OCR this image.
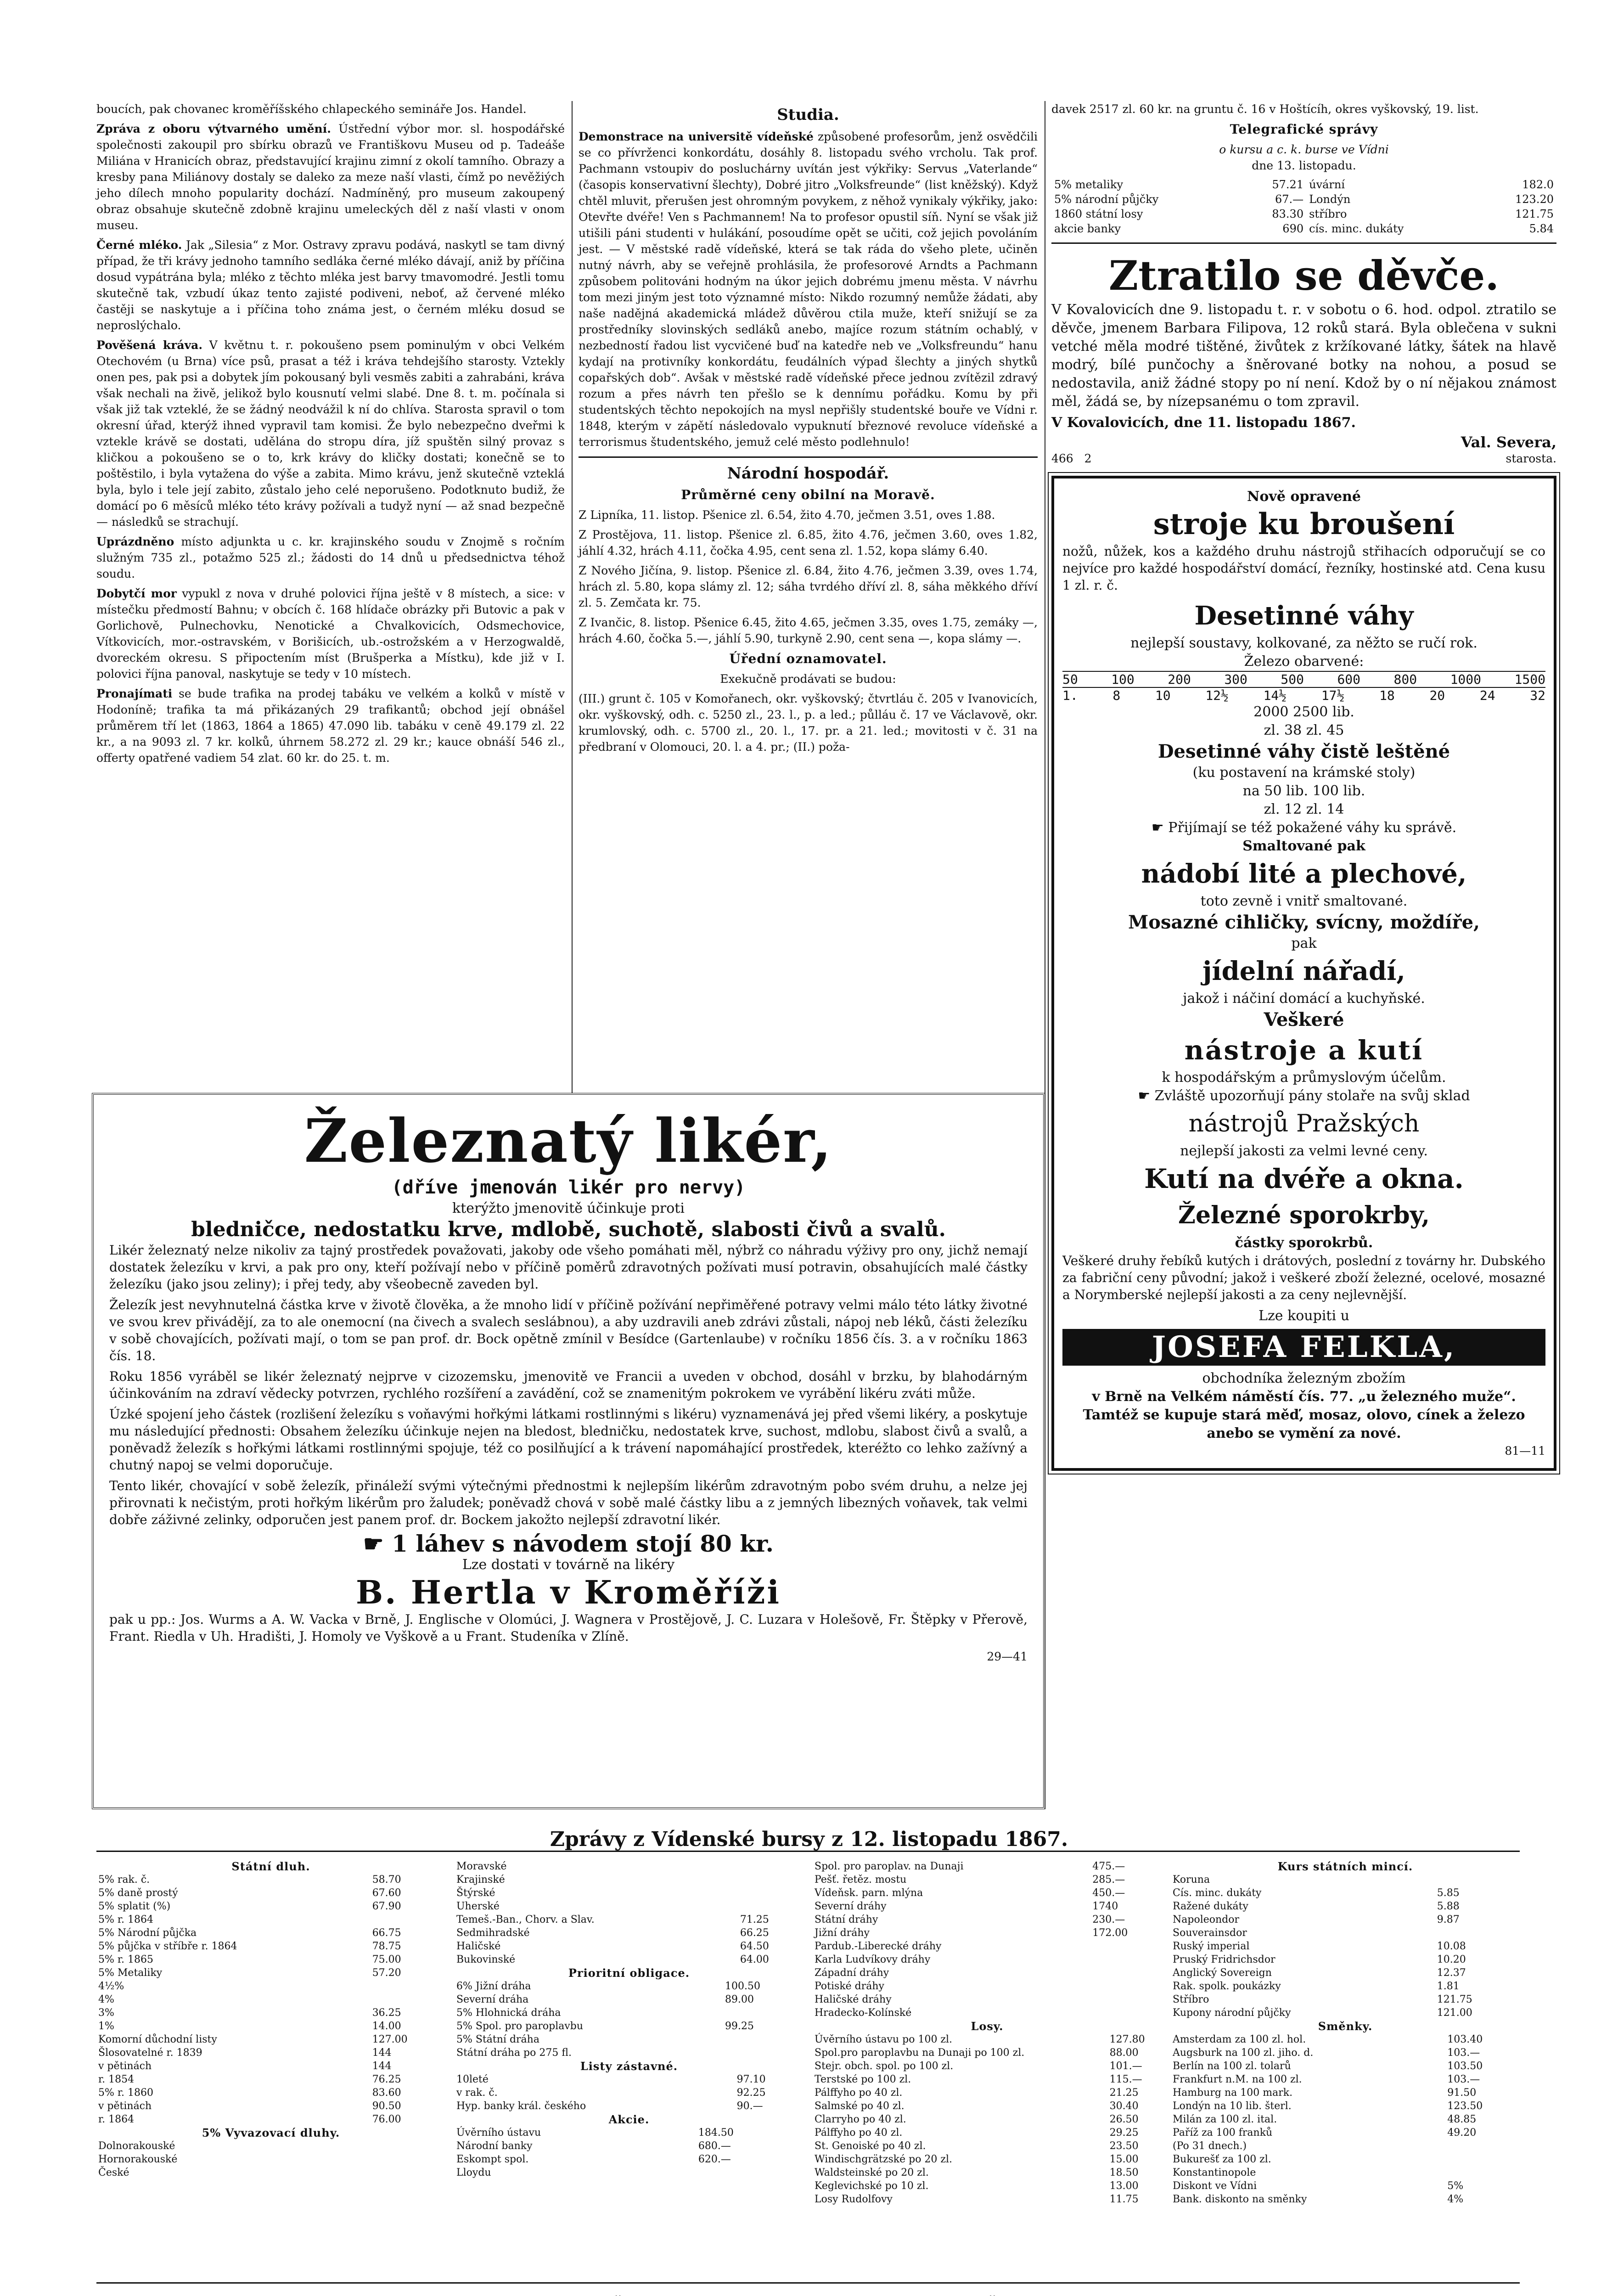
boucích, pak chovanec kroměříšského chlapeckého semináře Jos. Handel.

Zpráva z oboru výtvarného umění. Ústřední výbor mor. sl. hospodářské společnosti zakoupil pro sbírku obrazů ve Františkovu Museu od p. Tadeáše Miliána v Hranicích obraz, představující krajinu zimní z okolí tamního. Obrazy a kresby pana Miliánovy dostaly se daleko za meze naší vlasti, čímž po nevěžiých jeho dílech mnoho popularity dochází. Nadmíněný, pro museum zakoupený obraz obsahuje skutečně zdobně krajinu umeleckých děl z naší vlasti v onom museu.

Černé mléko. Jak „Silesia“ z Mor. Ostravy zpravu podává, naskytl se tam divný případ, že tři krávy jednoho tamního sedláka černé mléko dávají, aniž by příčina dosud vypátrána byla; mléko z těchto mléka jest barvy tmavomodré. Jestli tomu skutečně tak, vzbudí úkaz tento zajisté podiveni, neboť, až červené mléko častěji se naskytuje a i příčina toho známa jest, o černém mléku dosud se neproslýchalo.

Pověšená kráva. V květnu t. r. pokoušeno psem pominulým v obci Velkém Otechovém (u Brna) více psů, prasat a též i kráva tehdejšího starosty. Vztekly onen pes, pak psi a dobytek jím pokousaný byli vesměs zabiti a zahrabáni, kráva však nechali na živě, jelikož bylo kousnutí velmi slabé. Dne 8. t. m. počínala si však již tak vzteklé, že se žádný neodvážil k ní do chlíva. Starosta spravil o tom okresní úřad, kterýž ihned vypravil tam komisi. Že bylo nebezpečno dveřmi k vztekle krávě se dostati, udělána do stropu díra, jíž spuštěn silný provaz s kličkou a pokoušeno se o to, krk krávy do kličky dostati; konečně se to poštěstilo, i byla vytažena do výše a zabita. Mimo krávu, jenž skutečně vzteklá byla, bylo i tele její zabito, zůstalo jeho celé neporušeno. Podotknuto budiž, že domácí po 6 měsíců mléko této krávy požívali a tudyž nyní — až snad bezpečně — následků se strachují.

Uprázdněno místo adjunkta u c. kr. krajinského soudu v Znojmě s ročním služným 735 zl., potažmo 525 zl.; žádosti do 14 dnů u předsednictva téhož soudu.

Dobytčí mor vypukl z nova v druhé polovici října ještě v 8 místech, a sice: v místečku předmostí Bahnu; v obcích č. 168 hlídače obrázky při Butovic a pak v Gorlichově, Pulnechovku, Nenotické a Chvalkovicích, Odsmechovice, Vítkovicích, mor.-ostravském, v Borišicích, ub.-ostrožském a v Herzogwaldě, dvoreckém okresu. S připoctením míst (Brušperka a Místku), kde již v I. polovici října panoval, naskytuje se tedy v 10 místech.

Pronajímati se bude trafika na prodej tabáku ve velkém a kolků v místě v Hodoníně; trafika ta má přikázaných 29 trafikantů; obchod její obnášel průměrem tří let (1863, 1864 a 1865) 47.090 lib. tabáku v ceně 49.179 zl. 22 kr., a na 9093 zl. 7 kr. kolků, úhrnem 58.272 zl. 29 kr.; kauce obnáší 546 zl., offerty opatřené vadiem 54 zlat. 60 kr. do 25. t. m.

Studia.

Demonstrace na universitě vídeňské způsobené profesorům, jenž osvědčili se co přívrženci konkordátu, dosáhly 8. listopadu svého vrcholu. Tak prof. Pachmann vstoupiv do posluchárny uvítán jest výkřiky: Servus „Vaterlande“ (časopis konservativní šlechty), Dobré jitro „Volksfreunde“ (list kněžský). Když chtěl mluvit, přerušen jest ohromným povykem, z něhož vynikaly výkřiky, jako: Otevřte dvéře! Ven s Pachmannem! Na to profesor opustil síň. Nyní se však již utišili páni studenti v hulákání, posoudíme opět se učiti, což jejich povoláním jest. — V městské radě vídeňské, která se tak ráda do všeho plete, učiněn nutný návrh, aby se veřejně prohlásila, že profesorové Arndts a Pachmann způsobem politováni hodným na úkor jejich dobrému jmenu města. V návrhu tom mezi jiným jest toto významné místo: Nikdo rozumný nemůže žádati, aby naše nadějná akademická mládež důvěrou ctila muže, kteří snižují se za prostředníky slovinských sedláků anebo, majíce rozum státním ochablý, v nezbedností řadou list vycvičené buď na katedře neb ve „Volksfreundu“ hanu kydají na protivníky konkordátu, feudálních výpad šlechty a jiných shytků copařských dob“. Avšak v městské radě vídeňské přece jednou zvítězil zdravý rozum a přes návrh ten přešlo se k dennímu pořádku. Komu by při studentských těchto nepokojích na mysl nepřišly studentské bouře ve Vídni r. 1848, kterým v zápětí následovalo vypuknutí březnové revoluce vídeňské a terrorismus študentského, jemuž celé město podlehnulo!

Národní hospodář.
Průměrné ceny obilní na Moravě.

Z Lipníka, 11. listop. Pšenice zl. 6.54, žito 4.70, ječmen 3.51, oves 1.88.

Z Prostějova, 11. listop. Pšenice zl. 6.85, žito 4.76, ječmen 3.60, oves 1.82, jáhlí 4.32, hrách 4.11, čočka 4.95, cent sena zl. 1.52, kopa slámy 6.40.

Z Nového Jičína, 9. listop. Pšenice zl. 6.84, žito 4.76, ječmen 3.39, oves 1.74, hrách zl. 5.80, kopa slámy zl. 12; sáha tvrdého dříví zl. 8, sáha měkkého dříví zl. 5. Zemčata kr. 75.

Z Ivančic, 8. listop. Pšenice 6.45, žito 4.65, ječmen 3.35, oves 1.75, zemáky —, hrách 4.60, čočka 5.—, jáhlí 5.90, turkyně 2.90, cent sena —, kopa slámy —.

Úřední oznamovatel.
Exekučně prodávati se budou:

(III.) grunt č. 105 v Komořanech, okr. vyškovský; čtvrtláu č. 205 v Ivanovicích, okr. vyškovský, odh. c. 5250 zl., 23. l., p. a led.; půlláu č. 17 ve Václavově, okr. krumlovský, odh. c. 5700 zl., 20. l., 17. pr. a 21. led.; movitosti v č. 31 na předbraní v Olomouci, 20. l. a 4. pr.; (II.) poža-

davek 2517 zl. 60 kr. na gruntu č. 16 v Hoštícíh, okres vyškovský, 19. list.

Telegrafické správy
o kursu a c. k. burse ve Vídni
dne 13. listopadu.
5% metaliky	57.21	úvární	182.0
5% národní půjčky	67.—	Londýn	123.20
1860 státní losy	83.30	stříbro	121.75
akcie banky	690	cís. minc. dukáty	5.84
Ztratilo se děvče.

V Kovalovicích dne 9. listopadu t. r. v sobotu o 6. hod. odpol. ztratilo se děvče, jmenem Barbara Filipova, 12 roků stará. Byla oblečena v sukni vetché měla modré tištěné, živůtek z kržíkované látky, šátek na hlavě modrý, bílé punčochy a šněrované botky na nohou, a posud se nedostavila, aniž žádné stopy po ní není. Kdož by o ní nějakou známost měl, žádá se, by nízepsanému o tom zpravil.

V Kovalovicích, dne 11. listopadu 1867.
Val. Severa,
466 2	starosta.
Nově opravené
stroje ku broušení

nožů, nůžek, kos a každého druhu nástrojů střihacích odporučují se co nejvíce pro každé hospodářství domácí, řezníky, hostinské atd. Cena kusu 1 zl. r. č.

Desetinné váhy
nejlepší soustavy, kolkované, za něžto se ručí rok.
Železo obarvené:
50	100	200	300	500	600	800	1000	1500
1.	8	10	12½	14½	17½	18	20	24	32
2000 2500 lib.
zl. 38 zl. 45
Desetinné váhy čistě leštěné
(ku postavení na krámské stoly)
na 50 lib. 100 lib.
zl. 12 zl. 14
☛ Přijímají se též pokažené váhy ku správě.
Smaltované pak
nádobí lité a plechové,
toto zevně i vnitř smaltované.
Mosazné cihličky, svícny, moždíře,
pak
jídelní nářadí,
jakož i náčiní domácí a kuchyňské.
Veškeré
nástroje a kutí
k hospodářským a průmyslovým účelům.
☛ Zvláště upozorňují pány stolaře na svůj sklad
nástrojů Pražských
nejlepší jakosti za velmi levné ceny.
Kutí na dvéře a okna.
Železné sporokrby,
částky sporokrbů.

Veškeré druhy řebíků kutých i drátových, poslední z továrny hr. Dubského za fabriční ceny původní; jakož i veškeré zboží železné, ocelové, mosazné a Norymberské nejlepší jakosti a za ceny nejlevnější.

Lze koupiti u
JOSEFA FELKLA,
obchodníka železným zbožím
v Brně na Velkém náměstí čís. 77. „u železného muže“.
Tamtéž se kupuje stará měď, mosaz, olovo, cínek a železo anebo se vymění za nové.
81—11
Železnatý likér,
(dříve jmenován likér pro nervy)
kterýžto jmenovitě účinkuje proti
bledničce, nedostatku krve, mdlobě, suchotě, slabosti čivů a svalů.

Likér železnatý nelze nikoliv za tajný prostředek považovati, jakoby ode všeho pomáhati měl, nýbrž co náhradu výživy pro ony, jichž nemají dostatek železíku v krvi, a pak pro ony, kteří požívají nebo v příčině poměrů zdravotných požívati musí potravin, obsahujících malé částky železíku (jako jsou zeliny); i přej tedy, aby všeobecně zaveden byl.

Železík jest nevyhnutelná částka krve v životě člověka, a že mnoho lidí v příčině požívání nepřiměřené potravy velmi málo této látky životné ve svou krev přivádějí, za to ale onemocní (na čivech a svalech seslábnou), a aby uzdravili aneb zdrávi zůstali, nápoj neb léků, části železíku v sobě chovajících, požívati mají, o tom se pan prof. dr. Bock opětně zmínil v Besídce (Gartenlaube) v ročníku 1856 čís. 3. a v ročníku 1863 čís. 18.

Roku 1856 vyráběl se likér železnatý nejprve v cizozemsku, jmenovitě ve Francii a uveden v obchod, dosáhl v brzku, by blahodárným účinkováním na zdraví vědecky potvrzen, rychlého rozšíření a zavádění, což se znamenitým pokrokem ve vyrábění likéru zváti může.

Úzké spojení jeho částek (rozlišení železíku s voňavými hořkými látkami rostlinnými s likéru) vyznamenává jej před všemi likéry, a poskytuje mu následující přednosti: Obsahem železíku účinkuje nejen na bledost, bledničku, nedostatek krve, suchost, mdlobu, slabost čivů a svalů, a poněvadž železík s hořkými látkami rostlinnými spojuje, též co posilňující a k trávení napomáhající prostředek, kteréžto co lehko zažívný a chutný napoj se velmi doporučuje.

Tento likér, chovající v sobě železík, přináleží svými výtečnými přednostmi k nejlepším likérům zdravotným pobo svém druhu, a nelze jej přirovnati k nečistým, proti hořkým likérům pro žaludek; poněvadž chová v sobě malé částky libu a z jemných libezných voňavek, tak velmi dobře záživné zelinky, odporučen jest panem prof. dr. Bockem jakožto nejlepší zdravotní likér.

☛ 1 láhev s návodem stojí 80 kr.
Lze dostati v továrně na likéry
B. Hertla v Kroměříži

pak u pp.: Jos. Wurms a A. W. Vacka v Brně, J. Englische v Olomúci, J. Wagnera v Prostějově, J. C. Luzara v Holešově, Fr. Štěpky v Přerově, Frant. Riedla v Uh. Hradišti, J. Homoly ve Vyškově a u Frant. Studeníka v Zlíně.

29—41
Zprávy z Vídenské bursy z 12. listopadu 1867.
Státní dluh.
5% rak. č.	58.70
5% daně prostý	67.60
5% splatit (%)	67.90
5% r. 1864	
5% Národní půjčka	66.75
5% půjčka v stříbře r. 1864	78.75
5% r. 1865	75.00
5% Metaliky	57.20
4½%	
4%	
3%	36.25
1%	14.00
Komorní důchodní listy	127.00
Šlosovatelné r. 1839	144
v pětinách	144
r. 1854	76.25
5% r. 1860	83.60
v pětinách	90.50
r. 1864	76.00
5% Vyvazovací dluhy.
Dolnorakouské	
Hornorakouské	
České	
Moravské	
Krajinské	
Štýrské	
Uherské	
Temeš.-Ban., Chorv. a Slav.	71.25
Sedmihradské	66.25
Haličské	64.50
Bukovinské	64.00
Prioritní obligace.
6% Jižní dráha	100.50
Severní dráha	89.00
5% Hlohnická dráha	
5% Spol. pro paroplavbu	99.25
5% Státní dráha	
Státní dráha po 275 fl.	
Listy zástavné.
10leté	97.10
v rak. č.	92.25
Hyp. banky král. českého	90.—
Akcie.
Úvěrního ústavu	184.50
Národní banky	680.—
Eskompt spol.	620.—
Lloydu	
Spol. pro paroplav. na Dunaji	475.—
Pešť. řetěz. mostu	285.—
Vídeňsk. parn. mlýna	450.—
Severní dráhy	1740
Státní dráhy	230.—
Jižní dráhy	172.00
Pardub.-Liberecké dráhy	
Karla Ludvíkovy dráhy	
Západní dráhy	
Potiské dráhy	
Haličské dráhy	
Hradecko-Kolínské	
Losy.
Úvěrního ústavu po 100 zl.	127.80
Spol.pro paroplavbu na Dunaji po 100 zl.	88.00
Stejr. obch. spol. po 100 zl.	101.—
Terstské po 100 zl.	115.—
Pálffyho po 40 zl.	21.25
Salmské po 40 zl.	30.40
Clarryho po 40 zl.	26.50
Pálffyho po 40 zl.	29.25
St. Genoiské po 40 zl.	23.50
Windischgrätzské po 20 zl.	15.00
Waldsteinské po 20 zl.	18.50
Keglevichské po 10 zl.	13.00
Losy Rudolfovy	11.75
Kurs státních mincí.
Koruna	
Cís. minc. dukáty	5.85
Ražené dukáty	5.88
Napoleondor	9.87
Souverainsdor	
Ruský imperial	10.08
Pruský Fridrichsdor	10.20
Anglický Sovereign	12.37
Rak. spolk. poukázky	1.81
Stříbro	121.75
Kupony národní půjčky	121.00
Směnky.
Amsterdam za 100 zl. hol.	103.40
Augsburk na 100 zl. jiho. d.	103.—
Berlín na 100 zl. tolarů	103.50
Frankfurt n.M. na 100 zl.	103.—
Hamburg na 100 mark.	91.50
Londýn na 10 lib. šterl.	123.50
Milán za 100 zl. ital.	48.85
Paříž za 100 franků	49.20
(Po 31 dnech.)	
Bukurešť za 100 zl.	
Konstantinopole	
Diskont ve Vídni	5%
Bank. diskonto na směnky	4%
